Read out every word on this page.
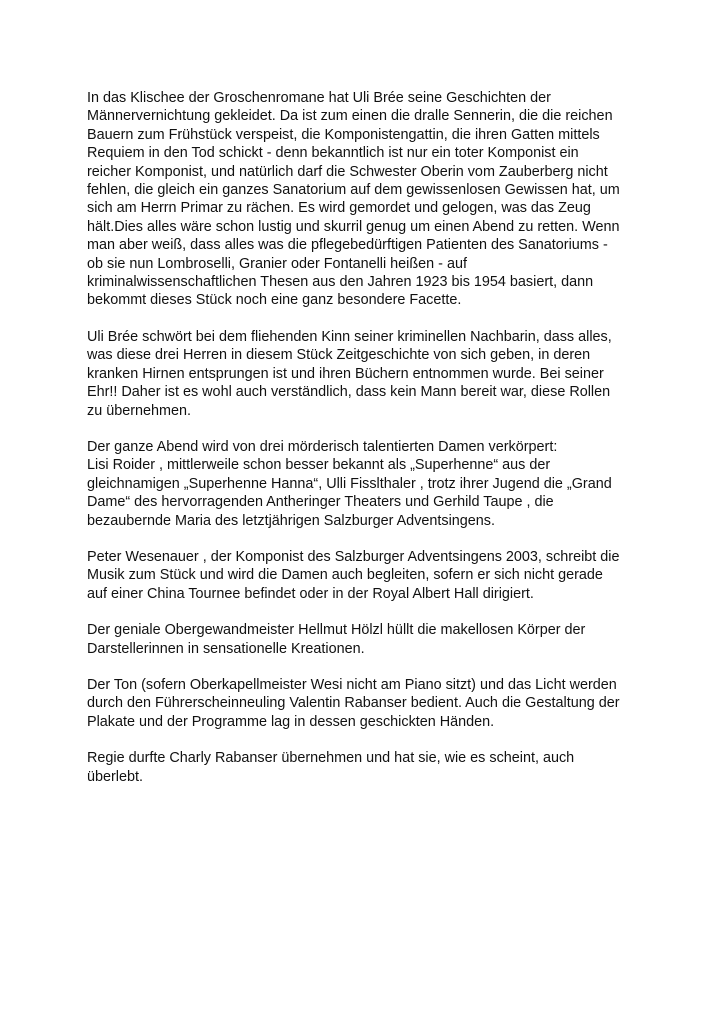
In das Klischee der Groschenromane hat Uli Brée seine Geschichten der
Männervernichtung gekleidet. Da ist zum einen die dralle Sennerin, die die reichen
Bauern zum Frühstück verspeist, die Komponistengattin, die ihren Gatten mittels
Requiem in den Tod schickt - denn bekanntlich ist nur ein toter Komponist ein
reicher Komponist, und natürlich darf die Schwester Oberin vom Zauberberg nicht
fehlen, die gleich ein ganzes Sanatorium auf dem gewissenlosen Gewissen hat, um
sich am Herrn Primar zu rächen. Es wird gemordet und gelogen, was das Zeug
hält.Dies alles wäre schon lustig und skurril genug um einen Abend zu retten. Wenn
man aber weiß, dass alles was die pflegebedürftigen Patienten des Sanatoriums -
ob sie nun Lombroselli, Granier oder Fontanelli heißen - auf
kriminalwissenschaftlichen Thesen aus den Jahren 1923 bis 1954 basiert, dann
bekommt dieses Stück noch eine ganz besondere Facette.

Uli Brée schwört bei dem fliehenden Kinn seiner kriminellen Nachbarin, dass alles,
was diese drei Herren in diesem Stück Zeitgeschichte von sich geben, in deren
kranken Hirnen entsprungen ist und ihren Büchern entnommen wurde. Bei seiner
Ehr!! Daher ist es wohl auch verständlich, dass kein Mann bereit war, diese Rollen
zu übernehmen.

Der ganze Abend wird von drei mörderisch talentierten Damen verkörpert:
Lisi Roider , mittlerweile schon besser bekannt als „Superhenne“ aus der
gleichnamigen „Superhenne Hanna“, Ulli Fisslthaler , trotz ihrer Jugend die „Grand
Dame“ des hervorragenden Antheringer Theaters und Gerhild Taupe , die
bezaubernde Maria des letztjährigen Salzburger Adventsingens.

Peter Wesenauer , der Komponist des Salzburger Adventsingens 2003, schreibt die
Musik zum Stück und wird die Damen auch begleiten, sofern er sich nicht gerade
auf einer China Tournee befindet oder in der Royal Albert Hall dirigiert.

Der geniale Obergewandmeister Hellmut Hölzl hüllt die makellosen Körper der
Darstellerinnen in sensationelle Kreationen.

Der Ton (sofern Oberkapellmeister Wesi nicht am Piano sitzt) und das Licht werden
durch den Führerscheinneuling Valentin Rabanser bedient. Auch die Gestaltung der
Plakate und der Programme lag in dessen geschickten Händen.

Regie durfte Charly Rabanser übernehmen und hat sie, wie es scheint, auch
überlebt.
